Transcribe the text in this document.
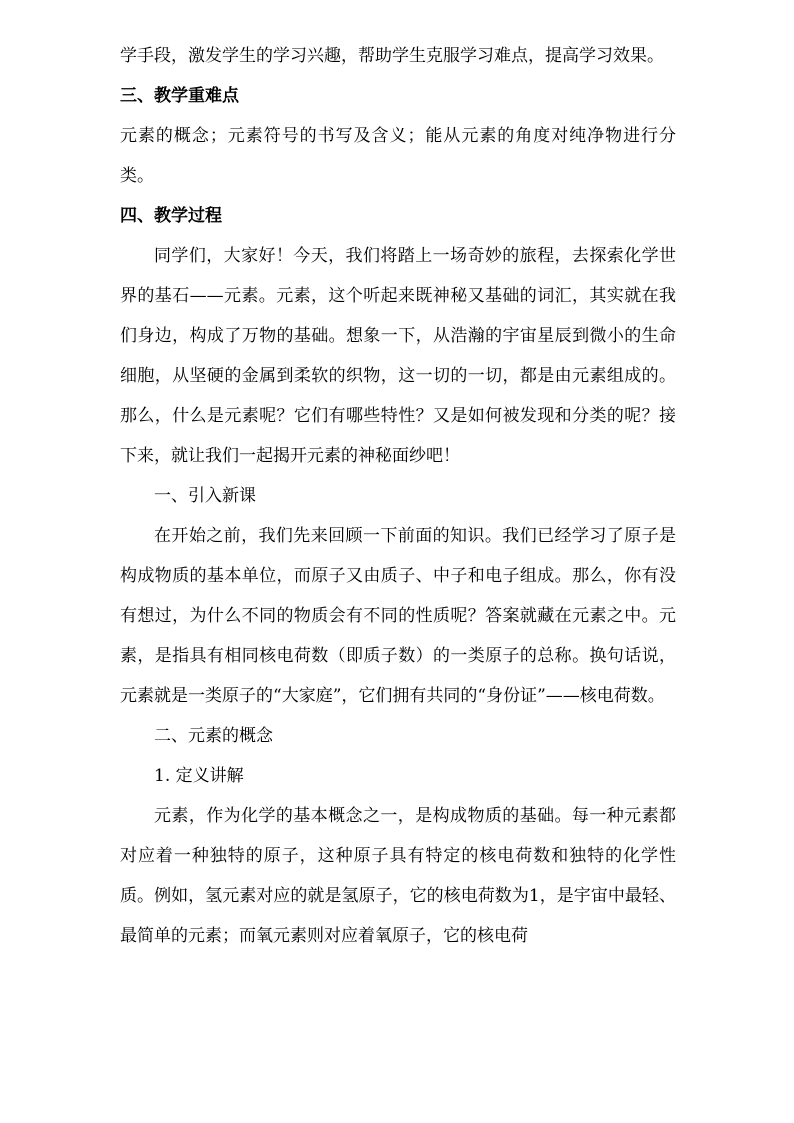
学手段，激发学生的学习兴趣，帮助学生克服学习难点，提高学习效果。

三、教学重难点

元素的概念；元素符号的书写及含义；能从元素的角度对纯净物进行分类。

四、教学过程

同学们，大家好！今天，我们将踏上一场奇妙的旅程，去探索化学世界的基石——元素。元素，这个听起来既神秘又基础的词汇，其实就在我们身边，构成了万物的基础。想象一下，从浩瀚的宇宙星辰到微小的生命细胞，从坚硬的金属到柔软的织物，这一切的一切，都是由元素组成的。那么，什么是元素呢？它们有哪些特性？又是如何被发现和分类的呢？接下来，就让我们一起揭开元素的神秘面纱吧！

一、引入新课

在开始之前，我们先来回顾一下前面的知识。我们已经学习了原子是构成物质的基本单位，而原子又由质子、中子和电子组成。那么，你有没有想过，为什么不同的物质会有不同的性质呢？答案就藏在元素之中。元素，是指具有相同核电荷数（即质子数）的一类原子的总称。换句话说，元素就是一类原子的“大家庭”，它们拥有共同的“身份证”——核电荷数。

二、元素的概念

1. 定义讲解

元素，作为化学的基本概念之一，是构成物质的基础。每一种元素都对应着一种独特的原子，这种原子具有特定的核电荷数和独特的化学性质。例如，氢元素对应的就是氢原子，它的核电荷数为1，是宇宙中最轻、最简单的元素；而氧元素则对应着氧原子，它的核电荷
